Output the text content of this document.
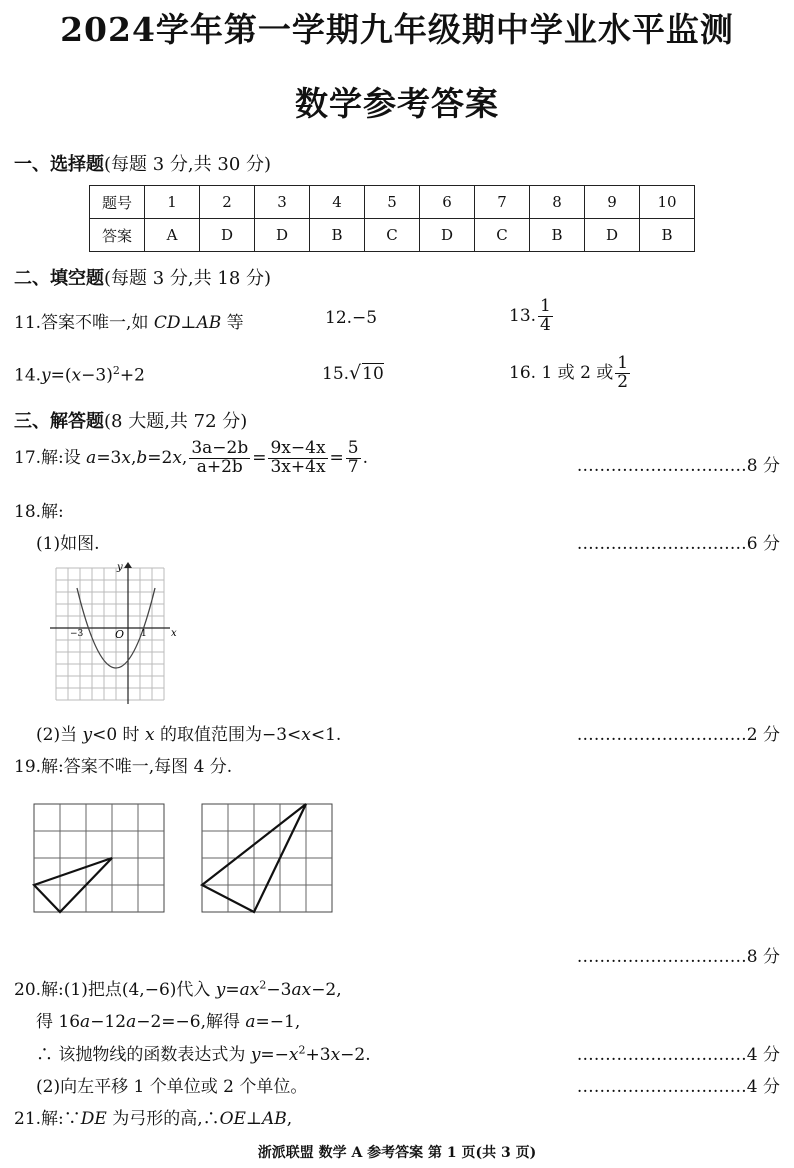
2024学年第一学期九年级期中学业水平监测
数学参考答案
一、选择题(每题 3 分,共 30 分)
题号	1	2	3	4	5	6	7	8	9	10
答案	A	D	D	B	C	D	C	B	D	B
二、填空题(每题 3 分,共 18 分)
11.答案不唯一,如 CD⊥AB 等	12.−5	13. $\frac{1}{4}$
$14.y=(x-3)^2+2$	15.√10	16. 1 或 2 或 $\frac{1}{2}$
三、解答题(8 大题,共 72 分)
17.解:设 a=3x,b=2x, $\frac{3a-2b}{a+2b} = \frac{9x-4x}{3x+4x} = \frac{5}{7}$ .	…………………………8 分
18.解:
(1)如图.	…………………………6 分
y
x
O
−3	1
(2)当 y<0 时 x 的取值范围为−3<x<1.	…………………………2 分
19.解:答案不唯一,每图 4 分.
…………………………8 分
20.解:(1)把点(4,−6)代入 $y=ax^2-3ax-2$,
得 16a−12a−2=−6,解得 a=−1,
∴ 该抛物线的函数表达式为 $y=-x^2+3x-2$.	…………………………4 分
(2)向左平移 1 个单位或 2 个单位。	…………………………4 分
21.解:∵DE 为弓形的高,∴OE⊥AB,
浙派联盟 数学 A 参考答案 第 1 页(共 3 页)
